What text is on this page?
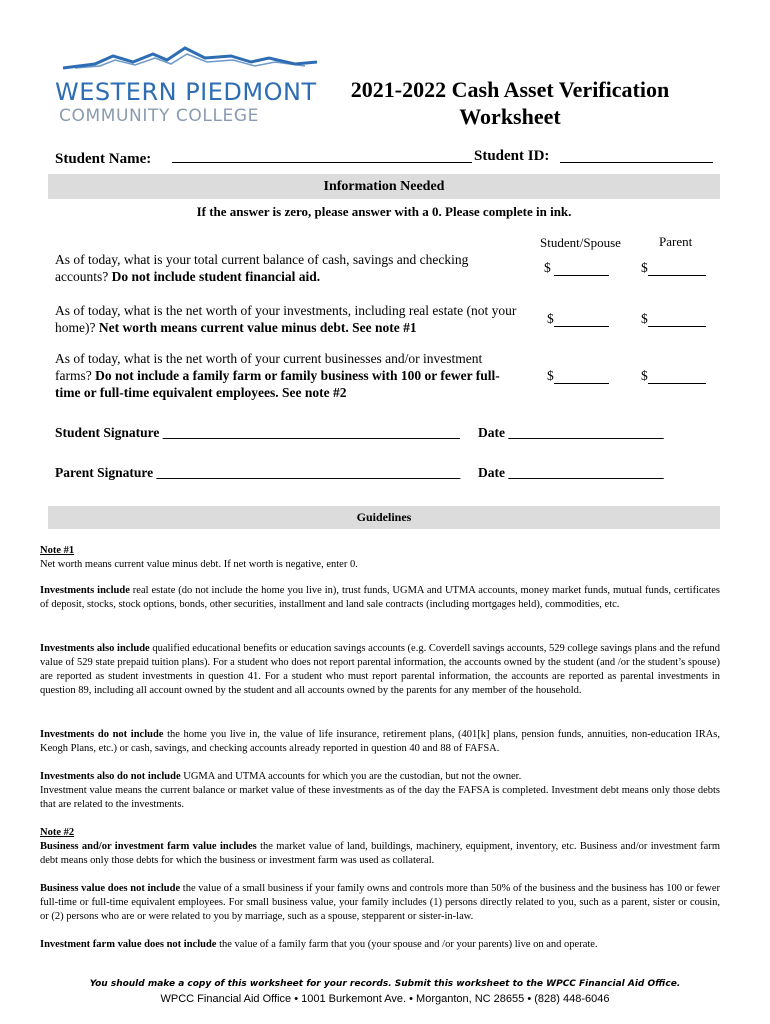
WESTERN PIEDMONT
COMMUNITY COLLEGE
2021-2022 Cash Asset Verification
Worksheet
Student Name:	Student ID:
Information Needed
If the answer is zero, please answer with a 0. Please complete in ink.
Student/Spouse	Parent
As of today, what is your total current balance of cash, savings and checking accounts? Do not include student financial aid.
$	$
As of today, what is the net worth of your investments, including real estate (not your home)? Net worth means current value minus debt. See note #1
$	$
As of today, what is the net worth of your current businesses and/or investment farms? Do not include a family farm or family business with 100 or fewer full-time or full-time equivalent employees. See note #2
$	$
Student Signature ____________________________________________ Date _______________________
Parent Signature _____________________________________________ Date _______________________
Guidelines
Note #1
Net worth means current value minus debt. If net worth is negative, enter 0.
Investments include real estate (do not include the home you live in), trust funds, UGMA and UTMA accounts, money market funds, mutual funds, certificates of deposit, stocks, stock options, bonds, other securities, installment and land sale contracts (including mortgages held), commodities, etc.
Investments also include qualified educational benefits or education savings accounts (e.g. Coverdell savings accounts, 529 college savings plans and the refund value of 529 state prepaid tuition plans). For a student who does not report parental information, the accounts owned by the student (and /or the student’s spouse) are reported as student investments in question 41. For a student who must report parental information, the accounts are reported as parental investments in question 89, including all account owned by the student and all accounts owned by the parents for any member of the household.
Investments do not include the home you live in, the value of life insurance, retirement plans, (401[k] plans, pension funds, annuities, non-education IRAs, Keogh Plans, etc.) or cash, savings, and checking accounts already reported in question 40 and 88 of FAFSA.
Investments also do not include UGMA and UTMA accounts for which you are the custodian, but not the owner.
Investment value means the current balance or market value of these investments as of the day the FAFSA is completed. Investment debt means only those debts that are related to the investments.
Note #2
Business and/or investment farm value includes the market value of land, buildings, machinery, equipment, inventory, etc. Business and/or investment farm debt means only those debts for which the business or investment farm was used as collateral.
Business value does not include the value of a small business if your family owns and controls more than 50% of the business and the business has 100 or fewer full-time or full-time equivalent employees. For small business value, your family includes (1) persons directly related to you, such as a parent, sister or cousin, or (2) persons who are or were related to you by marriage, such as a spouse, stepparent or sister-in-law.
Investment farm value does not include the value of a family farm that you (your spouse and /or your parents) live on and operate.
You should make a copy of this worksheet for your records. Submit this worksheet to the WPCC Financial Aid Office.
WPCC Financial Aid Office • 1001 Burkemont Ave. • Morganton, NC 28655 • (828) 448-6046
